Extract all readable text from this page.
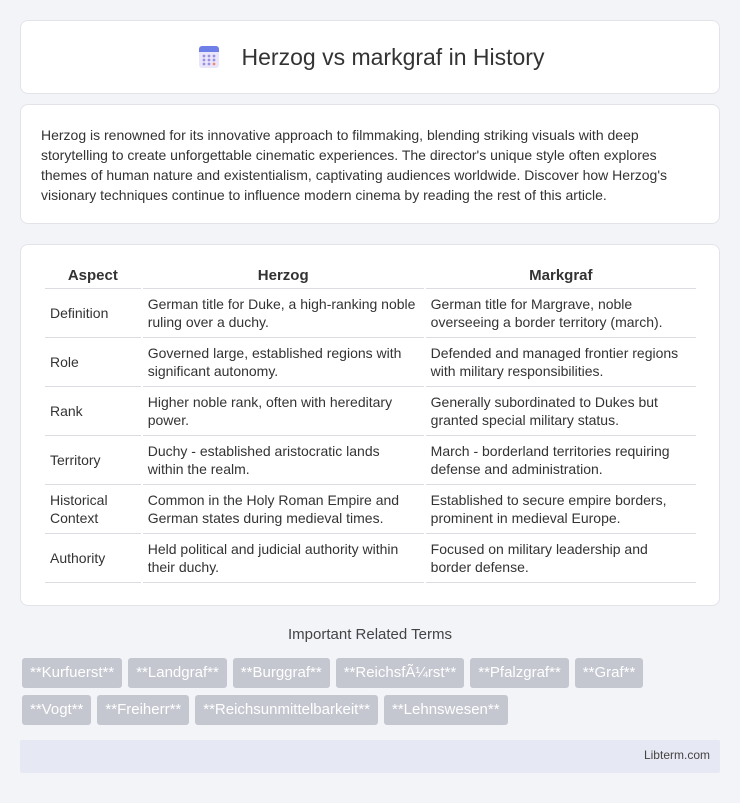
Herzog vs markgraf in History

Herzog is renowned for its innovative approach to filmmaking, blending striking visuals with deep storytelling to create unforgettable cinematic experiences. The director's unique style often explores themes of human nature and existentialism, captivating audiences worldwide. Discover how Herzog's visionary techniques continue to influence modern cinema by reading the rest of this article.

Aspect	Herzog	Markgraf
Definition	German title for Duke, a high-ranking noble ruling over a duchy.	German title for Margrave, noble overseeing a border territory (march).
Role	Governed large, established regions with significant autonomy.	Defended and managed frontier regions with military responsibilities.
Rank	Higher noble rank, often with hereditary power.	Generally subordinated to Dukes but granted special military status.
Territory	Duchy - established aristocratic lands within the realm.	March - borderland territories requiring defense and administration.
Historical Context	Common in the Holy Roman Empire and German states during medieval times.	Established to secure empire borders, prominent in medieval Europe.
Authority	Held political and judicial authority within their duchy.	Focused on military leadership and border defense.
Important Related Terms
**Kurfuerst**	**Landgraf**	**Burggraf**	**ReichsfÃ¼rst**	**Pfalzgraf**	**Graf**
**Vogt**	**Freiherr**	**Reichsunmittelbarkeit**	**Lehnswesen**
Libterm.com
